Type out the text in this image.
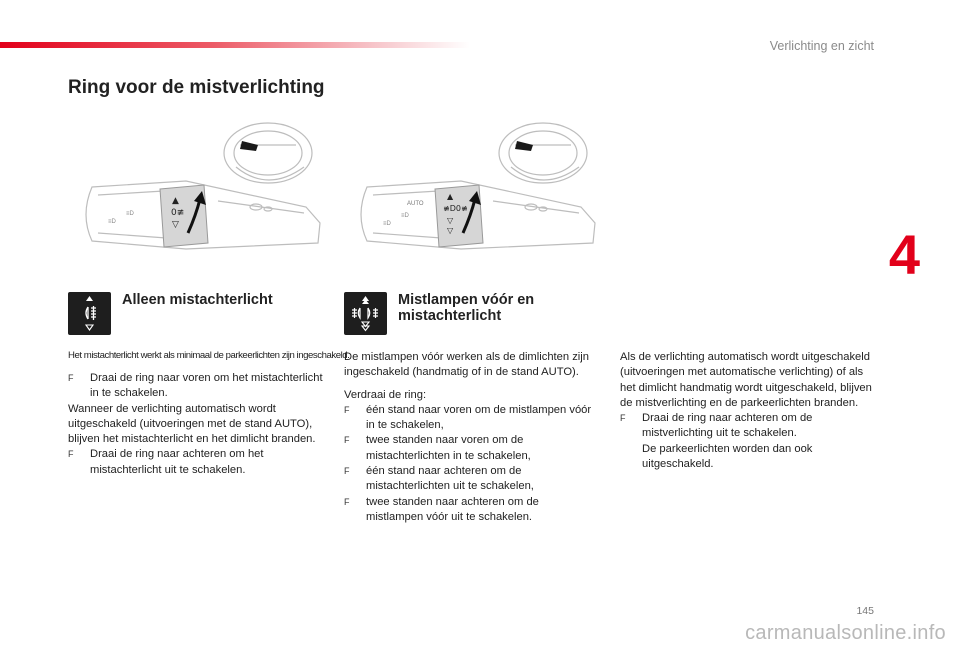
Verlichting en zicht
4
Ring voor de mistverlichting
≡D
≡D
▲
0≢
▽	≡D
≡D
AUTO
▲
≢D0≢
▽
▽
Alleen mistachterlicht
Het mistachterlicht werkt als minimaal de parkeerlichten zijn ingeschakeld.
F Draai de ring naar voren om het mistachterlicht in te schakelen.

Wanneer de verlichting automatisch wordt uitgeschakeld (uitvoeringen met de stand AUTO), blijven het mistachterlicht en het dimlicht branden.

F Draai de ring naar achteren om het mistachterlicht uit te schakelen.
Mistlampen vóór en mistachterlicht

De mistlampen vóór werken als de dimlichten zijn ingeschakeld (handmatig of in de stand AUTO).

Verdraai de ring:

F één stand naar voren om de mistlampen vóór in te schakelen,
F twee standen naar voren om de mistachterlichten in te schakelen,
F één stand naar achteren om de mistachterlichten uit te schakelen,
F twee standen naar achteren om de mistlampen vóór uit te schakelen.

Als de verlichting automatisch wordt uitgeschakeld (uitvoeringen met automatische verlichting) of als het dimlicht handmatig wordt uitgeschakeld, blijven de mistverlichting en de parkeerlichten branden.

F Draai de ring naar achteren om de mistverlichting uit te schakelen.
De parkeerlichten worden dan ook uitgeschakeld.
145
carmanualsonline.info
